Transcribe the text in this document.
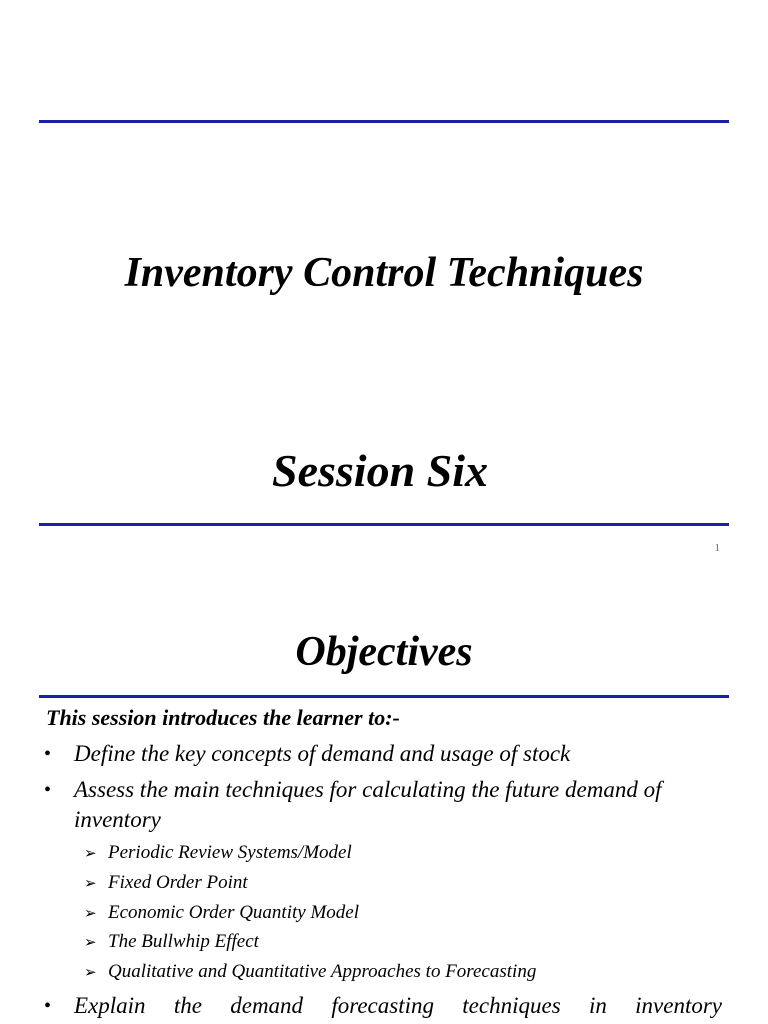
Inventory Control Techniques
Session Six
1
Objectives
This session introduces the learner to:-
• Define the key concepts of demand and usage of stock
• Assess the main techniques for calculating the future demand of inventory
➢ Periodic Review Systems/Model
➢ Fixed Order Point
➢ Economic Order Quantity Model
➢ The Bullwhip Effect
➢ Qualitative and Quantitative Approaches to Forecasting
• Explain the demand forecasting techniques in inventory
